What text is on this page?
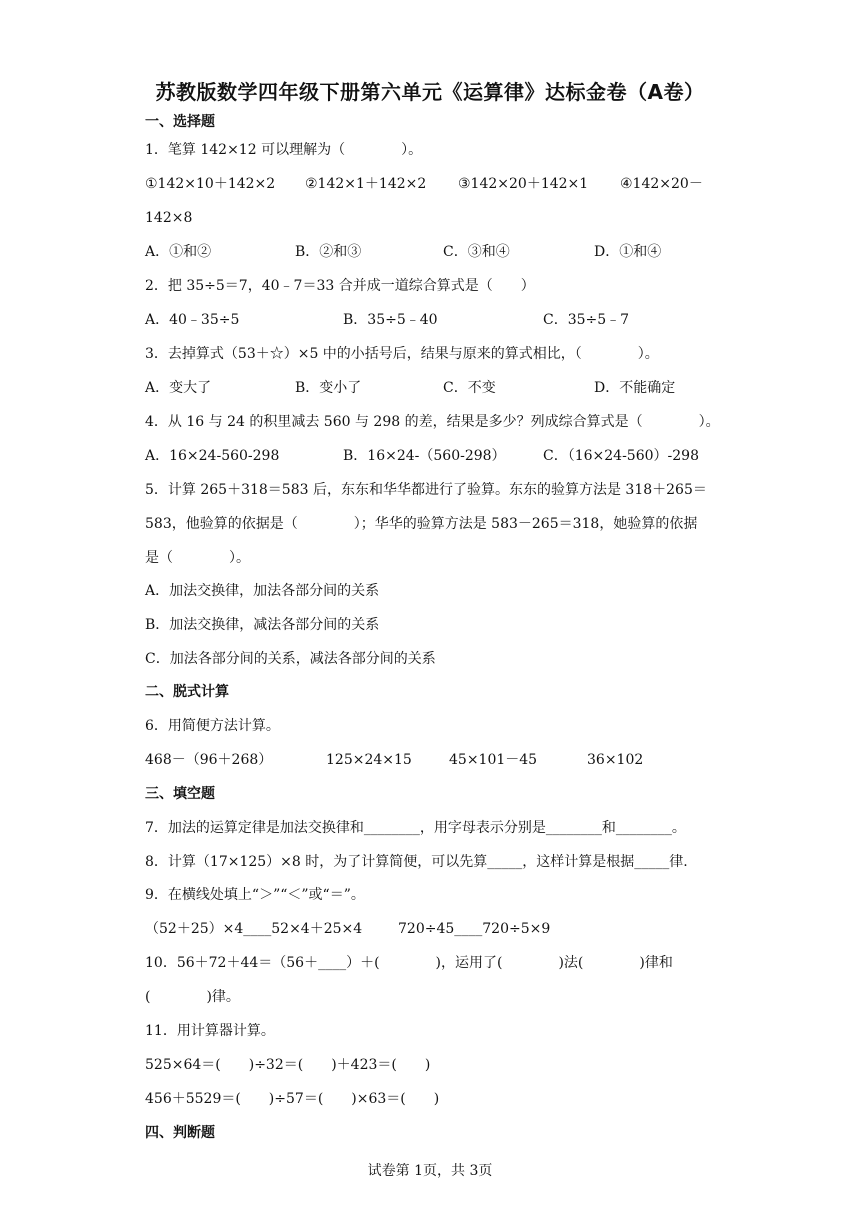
苏教版数学四年级下册第六单元《运算律》达标金卷（A卷）
一、选择题
1．笔算 142×12 可以理解为（　　　　）。
①142×10＋142×2 ②142×1＋142×2 ③142×20＋142×1 ④142×20－
142×8
A．①和②	B．②和③	C．③和④	D．①和④
2．把 35÷5＝7，40﹣7＝33 合并成一道综合算式是（　　）
A．40﹣35÷5	B．35÷5﹣40	C．35÷5﹣7
3．去掉算式（53＋☆）×5 中的小括号后，结果与原来的算式相比，（　　　　）。
A．变大了	B．变小了	C．不变	D．不能确定
4．从 16 与 24 的积里减去 560 与 298 的差，结果是多少？列成综合算式是（　　　　）。
A．16×24-560-298	B．16×24-（560-298）	C．（16×24-560）-298
5．计算 265＋318＝583 后，东东和华华都进行了验算。东东的验算方法是 318＋265＝
583，他验算的依据是（　　　　）；华华的验算方法是 583－265＝318，她验算的依据
是（　　　　）。
A．加法交换律，加法各部分间的关系
B．加法交换律，减法各部分间的关系
C．加法各部分间的关系，减法各部分间的关系
二、脱式计算
6．用简便方法计算。
468－（96＋268）	125×24×15	45×101－45	36×102
三、填空题
7．加法的运算定律是加法交换律和________，用字母表示分别是________和________。
8．计算（17×125）×8 时，为了计算简便，可以先算_____，这样计算是根据_____律.
9．在横线处填上“＞”“＜”或“＝”。
（52＋25）×4____52×4＋25×4	720÷45____720÷5×9
10．56＋72＋44＝（56＋____）＋(　　　　)，运用了(　　　　)法(　　　　)律和
(　　　　)律。
11．用计算器计算。
525×64＝(　　)÷32＝(　　)＋423＝(　　)
456＋5529＝(　　)÷57＝(　　)×63＝(　　)
四、判断题
试卷第 1页，共 3页
